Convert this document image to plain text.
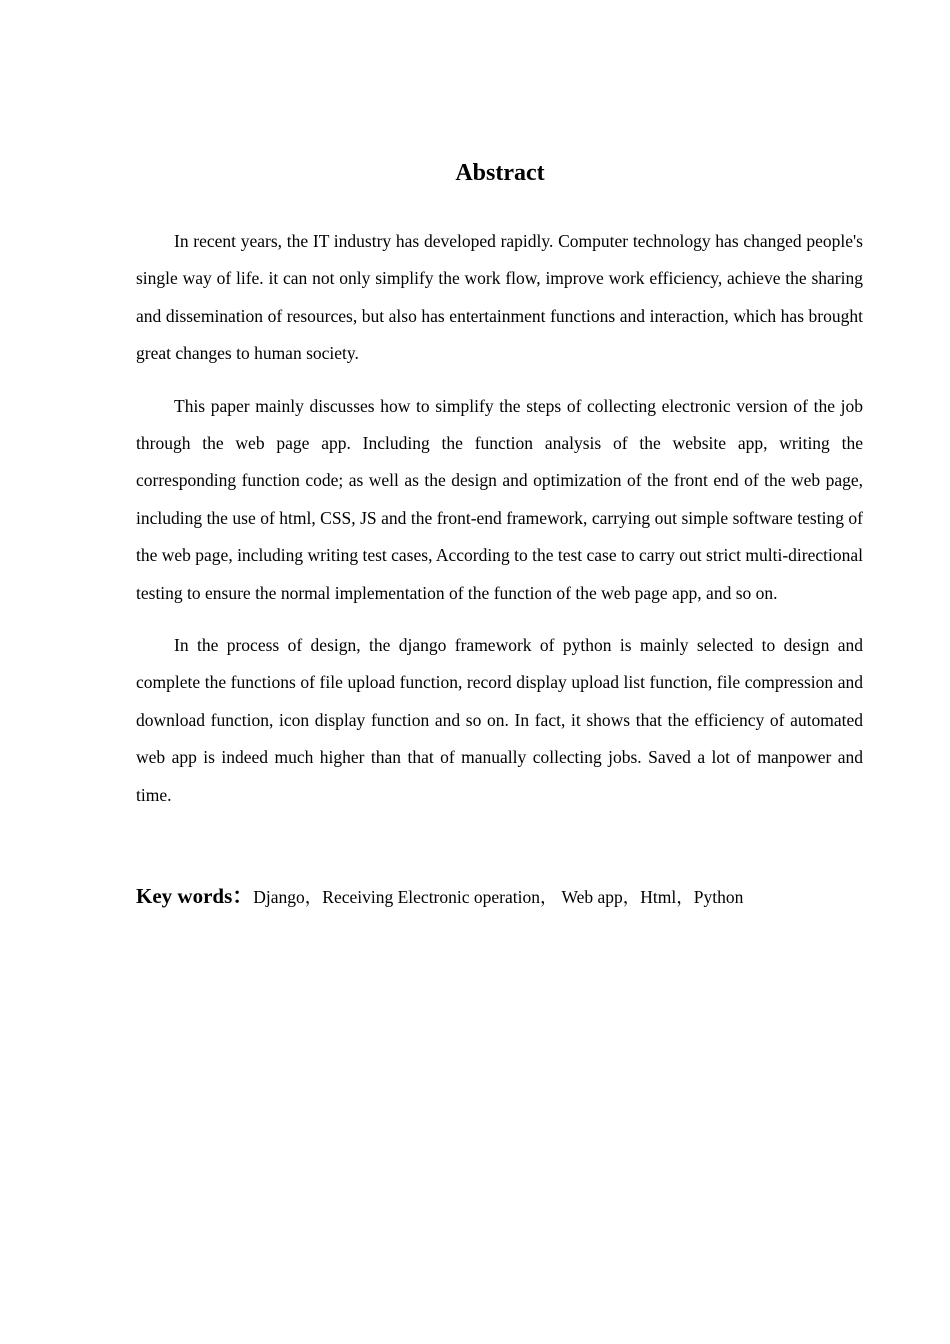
Abstract

In recent years, the IT industry has developed rapidly. Computer technology has changed people's single way of life. it can not only simplify the work flow, improve work efficiency, achieve the sharing and dissemination of resources, but also has entertainment functions and interaction, which has brought great changes to human society.

This paper mainly discusses how to simplify the steps of collecting electronic version of the job through the web page app. Including the function analysis of the website app, writing the corresponding function code; as well as the design and optimization of the front end of the web page, including the use of html, CSS, JS and the front-end framework, carrying out simple software testing of the web page, including writing test cases, According to the test case to carry out strict multi-directional testing to ensure the normal implementation of the function of the web page app, and so on.

In the process of design, the django framework of python is mainly selected to design and complete the functions of file upload function, record display upload list function, file compression and download function, icon display function and so on. In fact, it shows that the efficiency of automated web app is indeed much higher than that of manually collecting jobs. Saved a lot of manpower and time.

Key words：Django，Receiving Electronic operation， Web app，Html，Python
